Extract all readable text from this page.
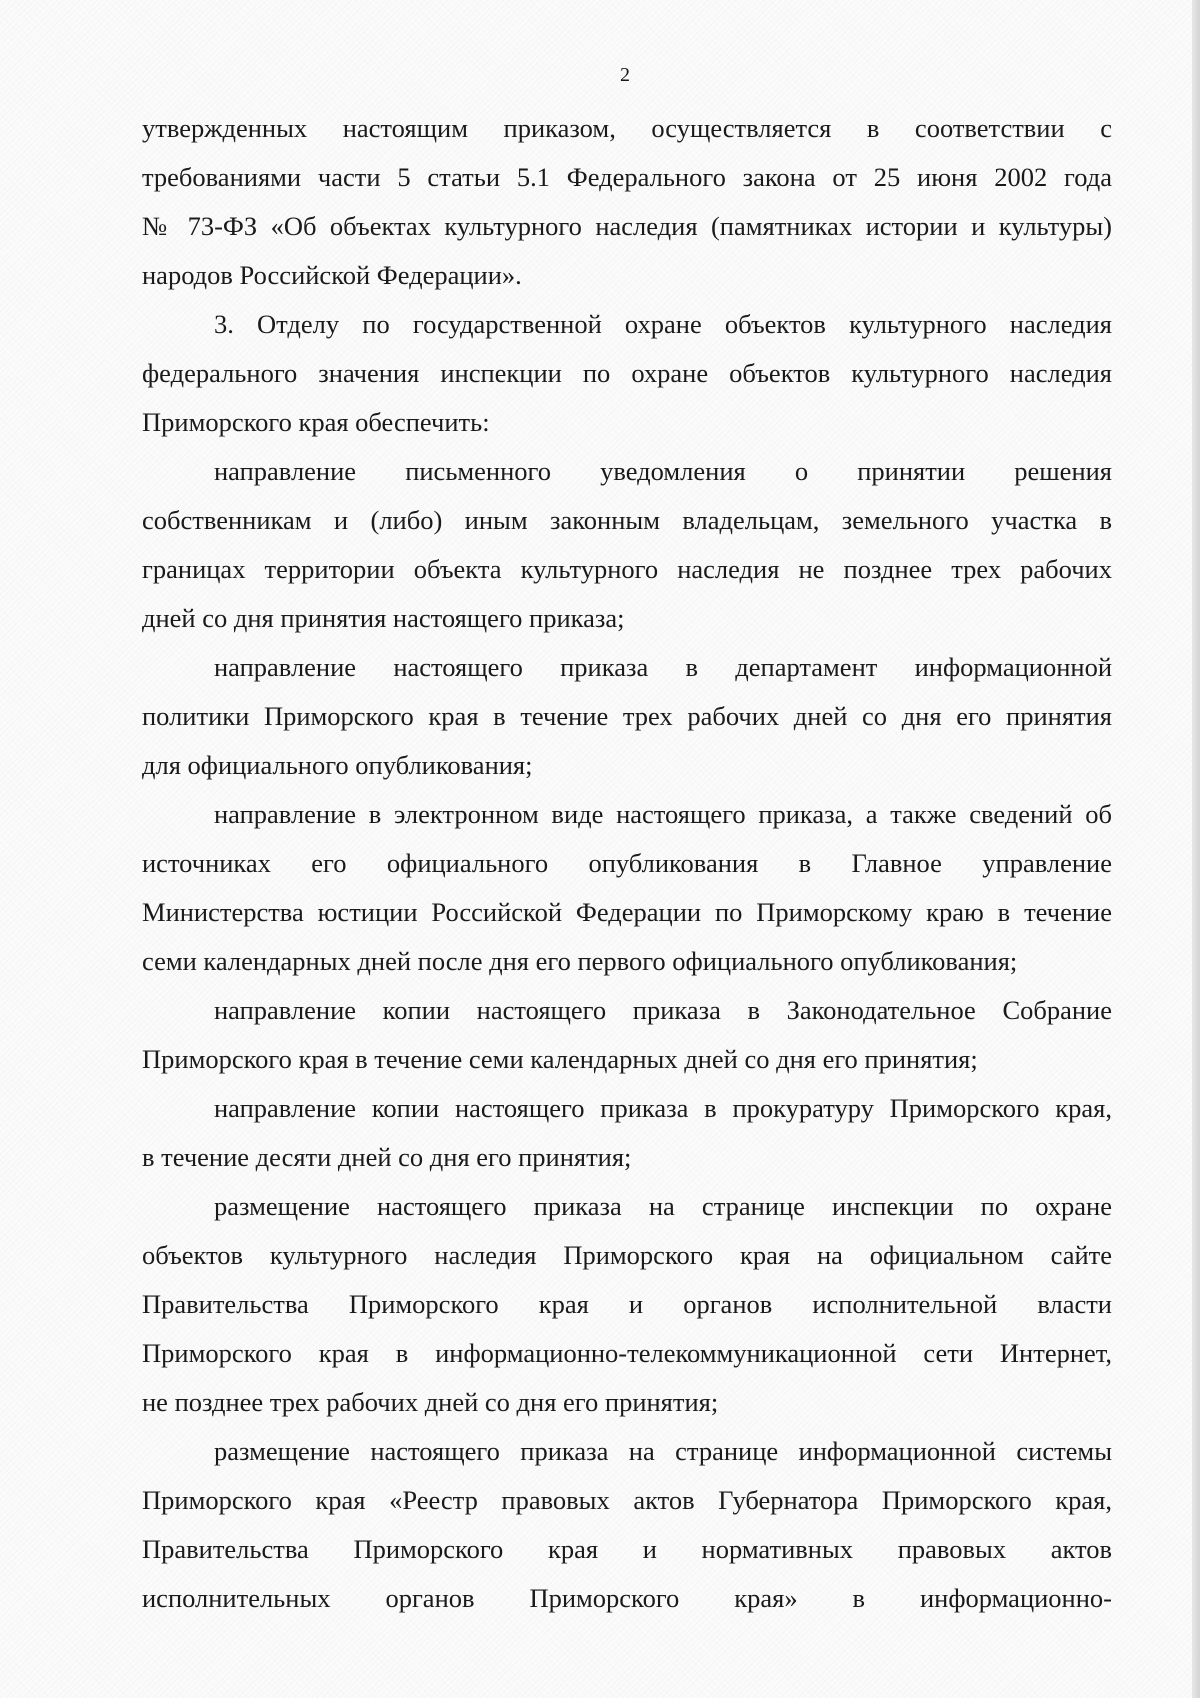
2
утвержденных настоящим приказом, осуществляется в соответствии с
требованиями части 5 статьи 5.1 Федерального закона от 25 июня 2002 года
№ 73-ФЗ «Об объектах культурного наследия (памятниках истории и культуры)
народов Российской Федерации».
3. Отделу по государственной охране объектов культурного наследия
федерального значения инспекции по охране объектов культурного наследия
Приморского края обеспечить:
направление письменного уведомления о принятии решения
собственникам и (либо) иным законным владельцам, земельного участка в
границах территории объекта культурного наследия не позднее трех рабочих
дней со дня принятия настоящего приказа;
направление настоящего приказа в департамент информационной
политики Приморского края в течение трех рабочих дней со дня его принятия
для официального опубликования;
направление в электронном виде настоящего приказа, а также сведений об
источниках его официального опубликования в Главное управление
Министерства юстиции Российской Федерации по Приморскому краю в течение
семи календарных дней после дня его первого официального опубликования;
направление копии настоящего приказа в Законодательное Собрание
Приморского края в течение семи календарных дней со дня его принятия;
направление копии настоящего приказа в прокуратуру Приморского края,
в течение десяти дней со дня его принятия;
размещение настоящего приказа на странице инспекции по охране
объектов культурного наследия Приморского края на официальном сайте
Правительства Приморского края и органов исполнительной власти
Приморского края в информационно-телекоммуникационной сети Интернет,
не позднее трех рабочих дней со дня его принятия;
размещение настоящего приказа на странице информационной системы
Приморского края «Реестр правовых актов Губернатора Приморского края,
Правительства Приморского края и нормативных правовых актов
исполнительных органов Приморского края» в информационно-
